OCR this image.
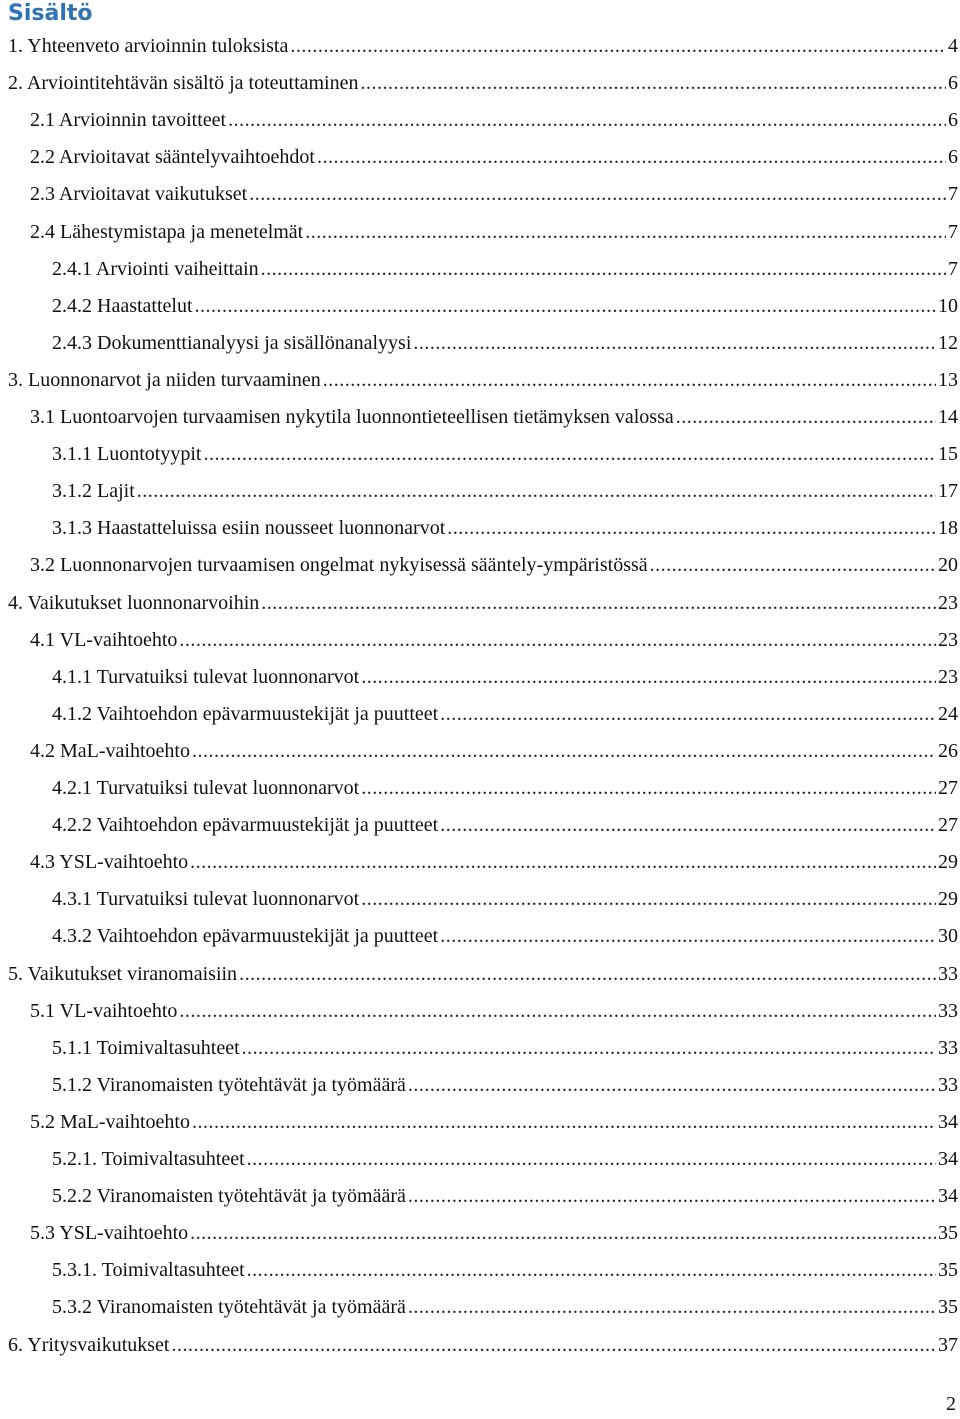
Sisältö
1. Yhteenveto arvioinnin tuloksista .....	4
2. Arviointitehtävän sisältö ja toteuttaminen .....	6
2.1 Arvioinnin tavoitteet .....	6
2.2 Arvioitavat sääntelyvaihtoehdot .....	6
2.3 Arvioitavat vaikutukset .....	7
2.4 Lähestymistapa ja menetelmät .....	7
2.4.1 Arviointi vaiheittain .....	7
2.4.2 Haastattelut .....	10
2.4.3 Dokumenttianalyysi ja sisällönanalyysi .....	12
3. Luonnonarvot ja niiden turvaaminen .....	13
3.1 Luontoarvojen turvaamisen nykytila luonnontieteellisen tietämyksen valossa .....	14
3.1.1 Luontotyypit .....	15
3.1.2 Lajit .....	17
3.1.3 Haastatteluissa esiin nousseet luonnonarvot .....	18
3.2 Luonnonarvojen turvaamisen ongelmat nykyisessä sääntely-ympäristössä .....	20
4. Vaikutukset luonnonarvoihin .....	23
4.1 VL-vaihtoehto .....	23
4.1.1 Turvatuiksi tulevat luonnonarvot .....	23
4.1.2 Vaihtoehdon epävarmuustekijät ja puutteet .....	24
4.2 MaL-vaihtoehto .....	26
4.2.1 Turvatuiksi tulevat luonnonarvot .....	27
4.2.2 Vaihtoehdon epävarmuustekijät ja puutteet .....	27
4.3 YSL-vaihtoehto .....	29
4.3.1 Turvatuiksi tulevat luonnonarvot .....	29
4.3.2 Vaihtoehdon epävarmuustekijät ja puutteet .....	30
5. Vaikutukset viranomaisiin .....	33
5.1 VL-vaihtoehto .....	33
5.1.1 Toimivaltasuhteet .....	33
5.1.2 Viranomaisten työtehtävät ja työmäärä .....	33
5.2 MaL-vaihtoehto .....	34
5.2.1. Toimivaltasuhteet .....	34
5.2.2 Viranomaisten työtehtävät ja työmäärä .....	34
5.3 YSL-vaihtoehto .....	35
5.3.1. Toimivaltasuhteet .....	35
5.3.2 Viranomaisten työtehtävät ja työmäärä .....	35
6. Yritysvaikutukset .....	37
2
